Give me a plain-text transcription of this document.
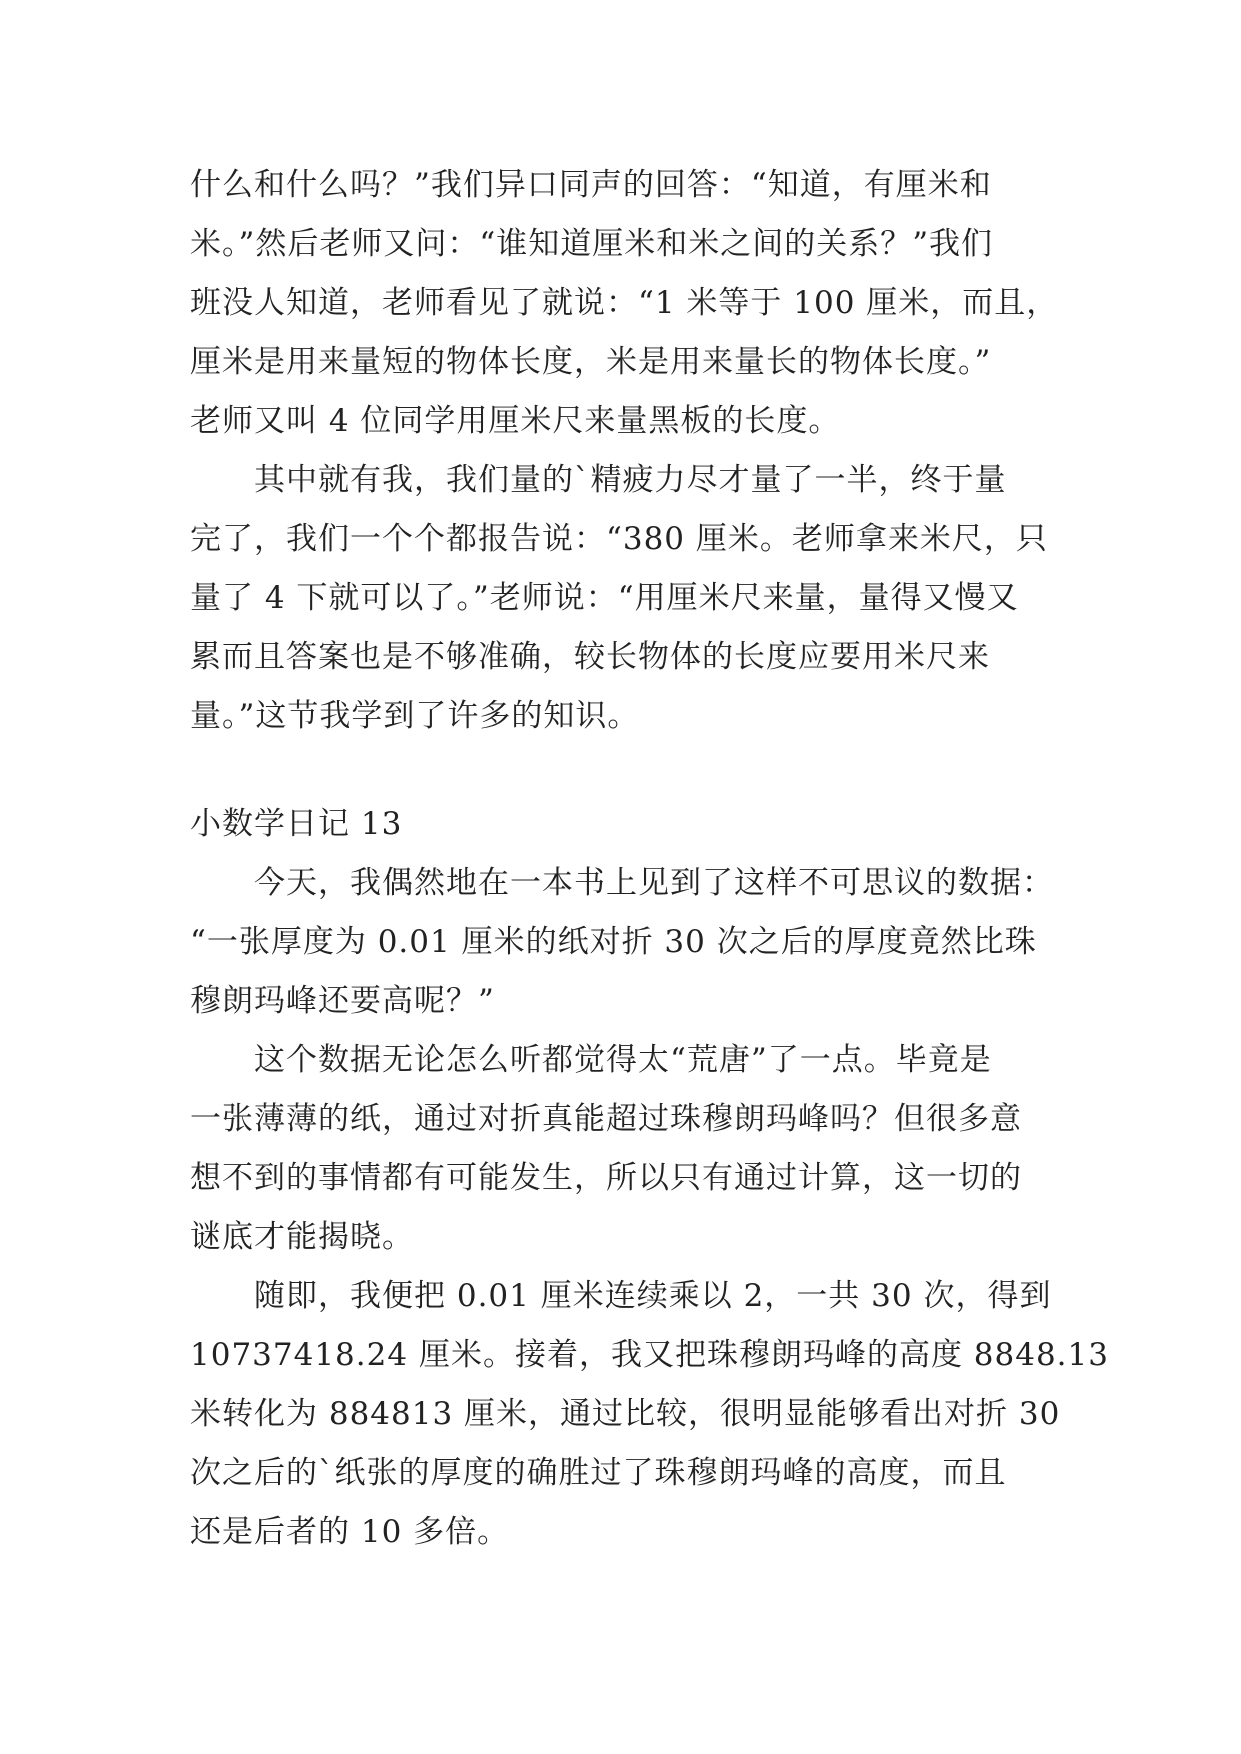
什么和什么吗？”我们异口同声的回答：“知道，有厘米和
米。”然后老师又问：“谁知道厘米和米之间的关系？”我们
班没人知道，老师看见了就说：“1 米等于 100 厘米，而且，
厘米是用来量短的物体长度，米是用来量长的物体长度。”
老师又叫 4 位同学用厘米尺来量黑板的长度。
其中就有我，我们量的`精疲力尽才量了一半，终于量
完了，我们一个个都报告说：“380 厘米。老师拿来米尺，只
量了 4 下就可以了。”老师说：“用厘米尺来量，量得又慢又
累而且答案也是不够准确，较长物体的长度应要用米尺来
量。”这节我学到了许多的知识。
小数学日记 13
今天，我偶然地在一本书上见到了这样不可思议的数据：
“一张厚度为 0.01 厘米的纸对折 30 次之后的厚度竟然比珠
穆朗玛峰还要高呢？”
这个数据无论怎么听都觉得太“荒唐”了一点。毕竟是
一张薄薄的纸，通过对折真能超过珠穆朗玛峰吗？但很多意
想不到的事情都有可能发生，所以只有通过计算，这一切的
谜底才能揭晓。
随即，我便把 0.01 厘米连续乘以 2，一共 30 次，得到
10737418.24 厘米。接着，我又把珠穆朗玛峰的高度 8848.13
米转化为 884813 厘米，通过比较，很明显能够看出对折 30
次之后的`纸张的厚度的确胜过了珠穆朗玛峰的高度，而且
还是后者的 10 多倍。
